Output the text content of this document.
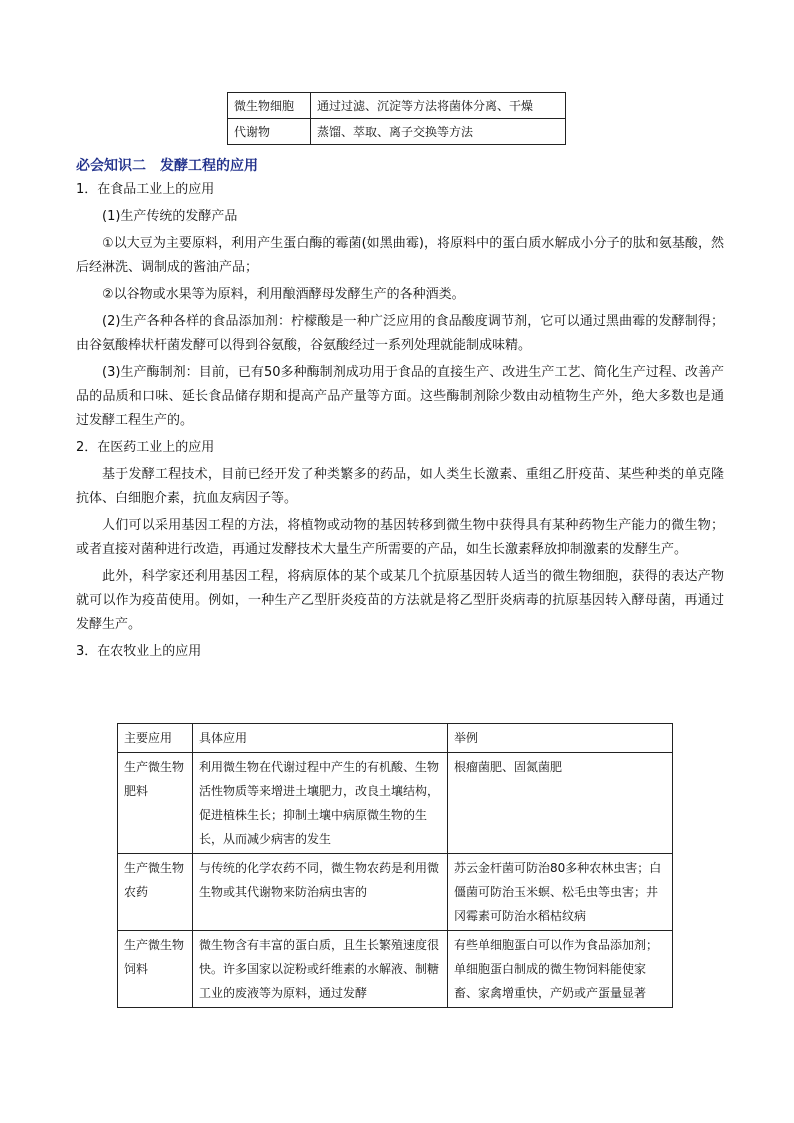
微生物细胞	通过过滤、沉淀等方法将菌体分离、干燥
代谢物	蒸馏、萃取、离子交换等方法
必会知识二 发酵工程的应用

1．在食品工业上的应用

(1)生产传统的发酵产品

①以大豆为主要原料，利用产生蛋白酶的霉菌(如黑曲霉)，将原料中的蛋白质水解成小分子的肽和氨基酸，然后经淋洗、调制成的酱油产品；

②以谷物或水果等为原料，利用酿酒酵母发酵生产的各种酒类。

(2)生产各种各样的食品添加剂：柠檬酸是一种广泛应用的食品酸度调节剂，它可以通过黑曲霉的发酵制得；由谷氨酸棒状杆菌发酵可以得到谷氨酸，谷氨酸经过一系列处理就能制成味精。

(3)生产酶制剂：目前，已有50多种酶制剂成功用于食品的直接生产、改进生产工艺、简化生产过程、改善产品的品质和口味、延长食品储存期和提高产品产量等方面。这些酶制剂除少数由动植物生产外，绝大多数也是通过发酵工程生产的。

2．在医药工业上的应用

基于发酵工程技术，目前已经开发了种类繁多的药品，如人类生长激素、重组乙肝疫苗、某些种类的单克隆抗体、白细胞介素，抗血友病因子等。

人们可以采用基因工程的方法，将植物或动物的基因转移到微生物中获得具有某种药物生产能力的微生物；或者直接对菌种进行改造，再通过发酵技术大量生产所需要的产品，如生长激素释放抑制激素的发酵生产。

此外，科学家还利用基因工程，将病原体的某个或某几个抗原基因转人适当的微生物细胞，获得的表达产物就可以作为疫苗使用。例如，一种生产乙型肝炎疫苗的方法就是将乙型肝炎病毒的抗原基因转入酵母菌，再通过发酵生产。

3．在农牧业上的应用

主要应用	具体应用	举例
生产微生物肥料	利用微生物在代谢过程中产生的有机酸、生物活性物质等来增进土壤肥力，改良土壤结构，促进植株生长；抑制土壤中病原微生物的生长，从而减少病害的发生	根瘤菌肥、固氮菌肥
生产微生物农药	与传统的化学农药不同，微生物农药是利用微生物或其代谢物来防治病虫害的	苏云金杆菌可防治80多种农林虫害；白僵菌可防治玉米螟、松毛虫等虫害；井冈霉素可防治水稻枯纹病
生产微生物饲料	微生物含有丰富的蛋白质，且生长繁殖速度很快。许多国家以淀粉或纤维素的水解液、制糖工业的废液等为原料，通过发酵	有些单细胞蛋白可以作为食品添加剂；单细胞蛋白制成的微生物饲料能使家畜、家禽增重快，产奶或产蛋量显著
